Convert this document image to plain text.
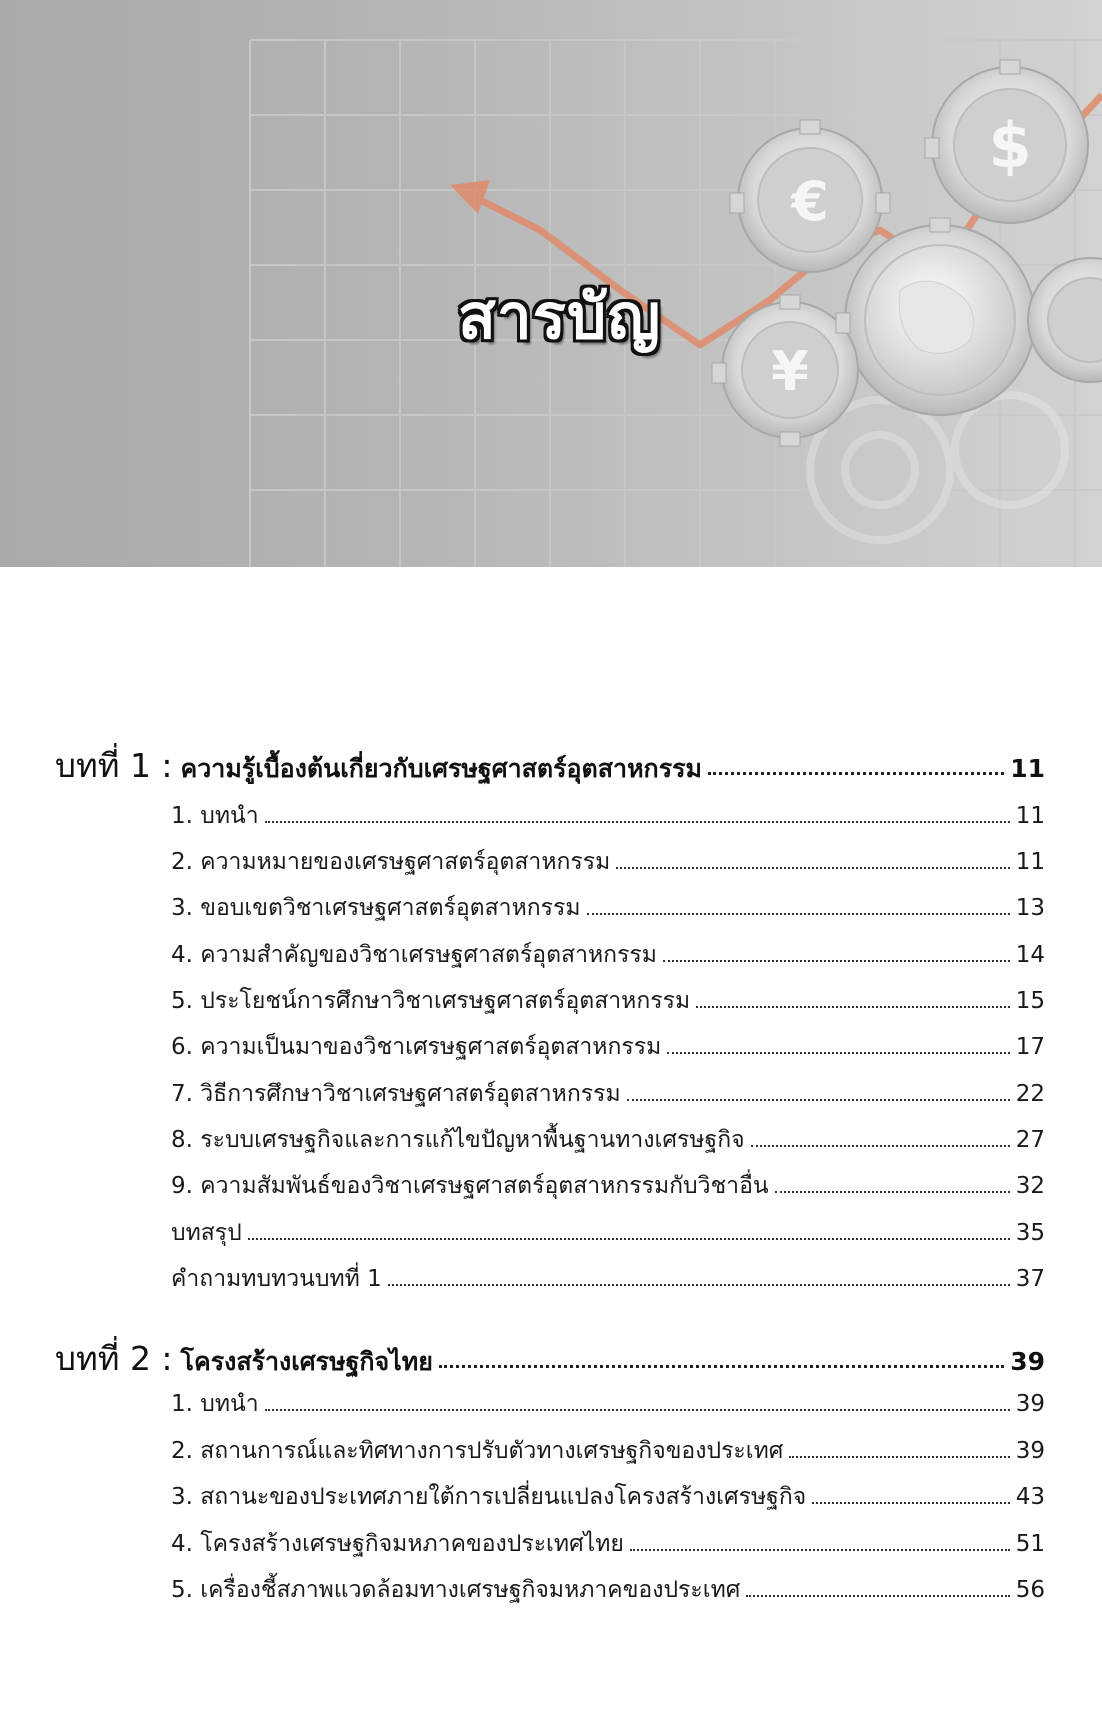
€
$
¥
สารบัญ
บทที่ 1 : ความรู้เบื้องต้นเกี่ยวกับเศรษฐศาสตร์อุตสาหกรรม	11
1. บทนำ	11
2. ความหมายของเศรษฐศาสตร์อุตสาหกรรม	11
3. ขอบเขตวิชาเศรษฐศาสตร์อุตสาหกรรม	13
4. ความสำคัญของวิชาเศรษฐศาสตร์อุตสาหกรรม	14
5. ประโยชน์การศึกษาวิชาเศรษฐศาสตร์อุตสาหกรรม	15
6. ความเป็นมาของวิชาเศรษฐศาสตร์อุตสาหกรรม	17
7. วิธีการศึกษาวิชาเศรษฐศาสตร์อุตสาหกรรม	22
8. ระบบเศรษฐกิจและการแก้ไขปัญหาพื้นฐานทางเศรษฐกิจ	27
9. ความสัมพันธ์ของวิชาเศรษฐศาสตร์อุตสาหกรรมกับวิชาอื่น	32
บทสรุป	35
คำถามทบทวนบทที่ 1	37
บทที่ 2 : โครงสร้างเศรษฐกิจไทย	39
1. บทนำ	39
2. สถานการณ์และทิศทางการปรับตัวทางเศรษฐกิจของประเทศ	39
3. สถานะของประเทศภายใต้การเปลี่ยนแปลงโครงสร้างเศรษฐกิจ	43
4. โครงสร้างเศรษฐกิจมหภาคของประเทศไทย	51
5. เครื่องชี้สภาพแวดล้อมทางเศรษฐกิจมหภาคของประเทศ	56
